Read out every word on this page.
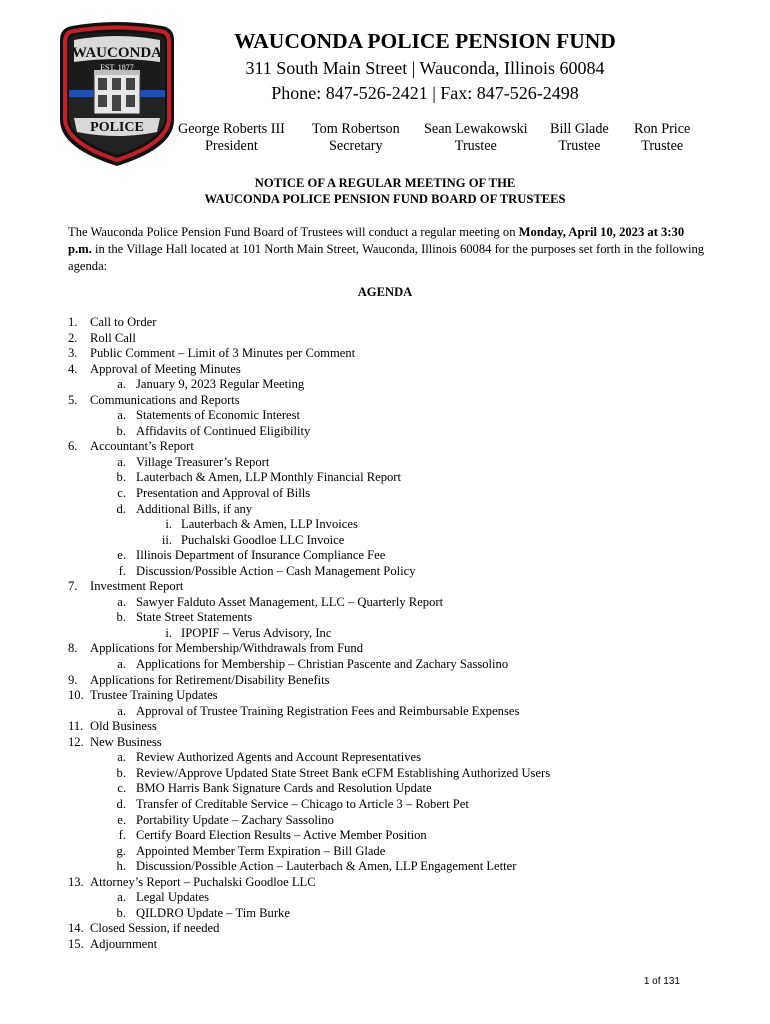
WAUCONDA
EST. 1877
POLICE
WAUCONDA POLICE PENSION FUND
311 South Main Street | Wauconda, Illinois 60084
Phone: 847-526-2421 | Fax: 847-526-2498
George Roberts III
President
Tom Robertson
Secretary
Sean Lewakowski
Trustee
Bill Glade
Trustee
Ron Price
Trustee
NOTICE OF A REGULAR MEETING OF THE
WAUCONDA POLICE PENSION FUND BOARD OF TRUSTEES
The Wauconda Police Pension Fund Board of Trustees will conduct a regular meeting on Monday, April 10, 2023 at 3:30 p.m. in the Village Hall located at 101 North Main Street, Wauconda, Illinois 60084 for the purposes set forth in the following agenda:
AGENDA
1. Call to Order
2. Roll Call
3. Public Comment – Limit of 3 Minutes per Comment
4. Approval of Meeting Minutes
a. January 9, 2023 Regular Meeting
5. Communications and Reports
a. Statements of Economic Interest
b. Affidavits of Continued Eligibility
6. Accountant’s Report
a. Village Treasurer’s Report
b. Lauterbach & Amen, LLP Monthly Financial Report
c. Presentation and Approval of Bills
d. Additional Bills, if any
i. Lauterbach & Amen, LLP Invoices
ii. Puchalski Goodloe LLC Invoice
e. Illinois Department of Insurance Compliance Fee
f. Discussion/Possible Action – Cash Management Policy
7. Investment Report
a. Sawyer Falduto Asset Management, LLC – Quarterly Report
b. State Street Statements
i. IPOPIF – Verus Advisory, Inc
8. Applications for Membership/Withdrawals from Fund
a. Applications for Membership – Christian Pascente and Zachary Sassolino
9. Applications for Retirement/Disability Benefits
10. Trustee Training Updates
a. Approval of Trustee Training Registration Fees and Reimbursable Expenses
11. Old Business
12. New Business
a. Review Authorized Agents and Account Representatives
b. Review/Approve Updated State Street Bank eCFM Establishing Authorized Users
c. BMO Harris Bank Signature Cards and Resolution Update
d. Transfer of Creditable Service – Chicago to Article 3 – Robert Pet
e. Portability Update – Zachary Sassolino
f. Certify Board Election Results – Active Member Position
g. Appointed Member Term Expiration – Bill Glade
h. Discussion/Possible Action – Lauterbach & Amen, LLP Engagement Letter
13. Attorney’s Report – Puchalski Goodloe LLC
a. Legal Updates
b. QILDRO Update – Tim Burke
14. Closed Session, if needed
15. Adjournment
1 of 131
